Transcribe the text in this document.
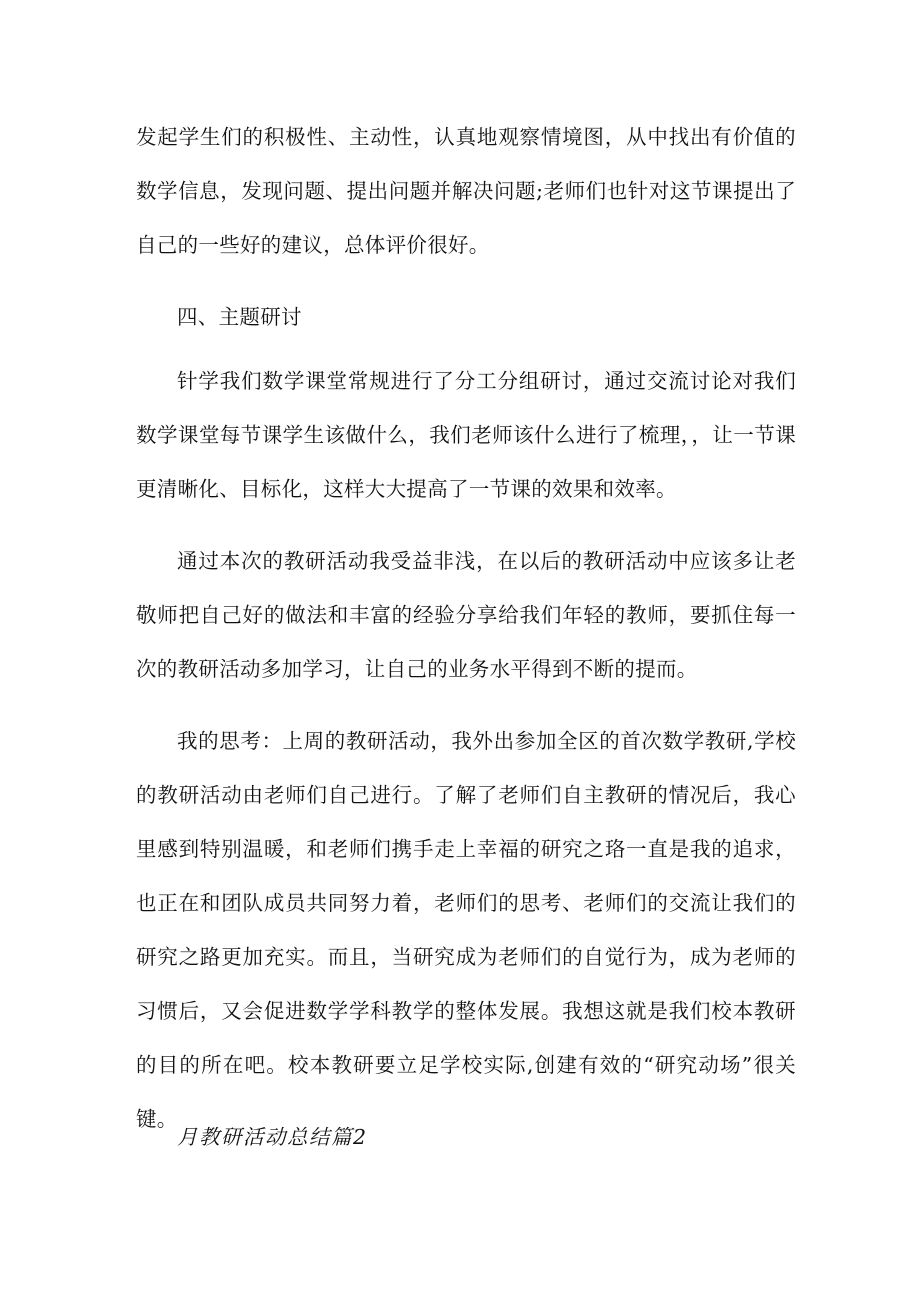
发起学生们的积极性、主动性，认真地观察情境图，从中找出有价值的数学信息，发现问题、提出问题并解决问题;老师们也针对这节课提出了自己的一些好的建议，总体评价很好。

四、主题研讨

针学我们数学课堂常规进行了分工分组研讨，通过交流讨论对我们数学课堂每节课学生该做什么，我们老师该什么进行了梳理，，让一节课更清晰化、目标化，这样大大提高了一节课的效果和效率。

通过本次的教研活动我受益非浅，在以后的教研活动中应该多让老敬师把自己好的做法和丰富的经验分享给我们年轻的教师，要抓住每一次的教研活动多加学习，让自己的业务水平得到不断的提而。

我的思考：上周的教研活动，我外出参加全区的首次数学教研,学校的教研活动由老师们自己进行。了解了老师们自主教研的情况后，我心里感到特别温暖，和老师们携手走上幸福的研究之珞一直是我的追求，也正在和团队成员共同努力着，老师们的思考、老师们的交流让我们的研究之路更加充实。而且，当研究成为老师们的自觉行为，成为老师的习惯后，又会促进数学学科教学的整体发展。我想这就是我们校本教研的目的所在吧。校本教研要立足学校实际,创建有效的“研究动场”很关键。

月教研活动总结篇2
